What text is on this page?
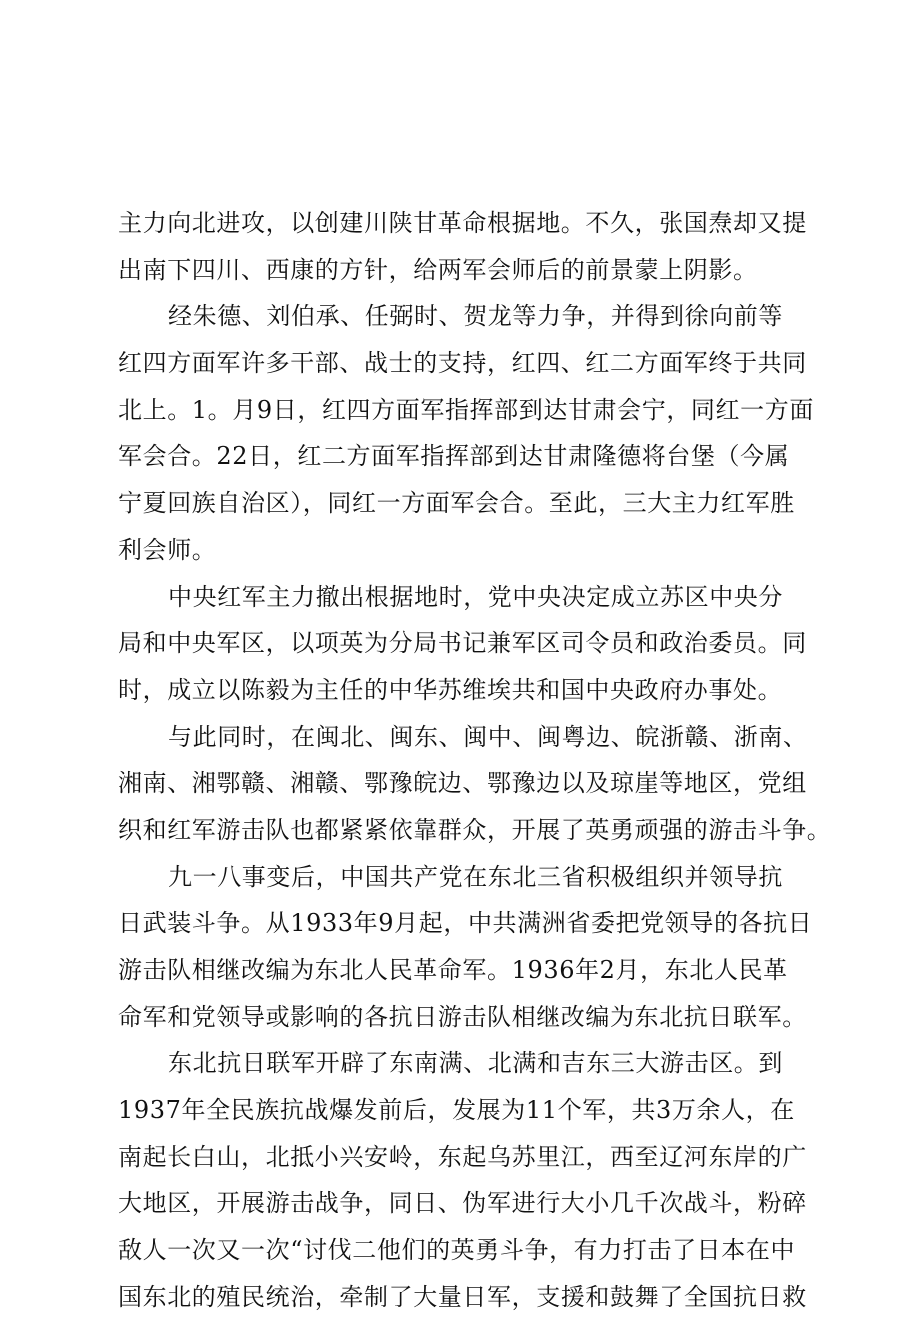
主力向北进攻，以创建川陕甘革命根据地。不久，张国焘却又提
出南下四川、西康的方针，给两军会师后的前景蒙上阴影。
经朱德、刘伯承、任弼时、贺龙等力争，并得到徐向前等
红四方面军许多干部、战士的支持，红四、红二方面军终于共同
北上。1。月9日，红四方面军指挥部到达甘肃会宁，同红一方面
军会合。22日，红二方面军指挥部到达甘肃隆德将台堡（今属
宁夏回族自治区），同红一方面军会合。至此，三大主力红军胜
利会师。
中央红军主力撤出根据地时，党中央决定成立苏区中央分
局和中央军区，以项英为分局书记兼军区司令员和政治委员。同
时，成立以陈毅为主任的中华苏维埃共和国中央政府办事处。
与此同时，在闽北、闽东、闽中、闽粤边、皖浙赣、浙南、
湘南、湘鄂赣、湘赣、鄂豫皖边、鄂豫边以及琼崖等地区，党组
织和红军游击队也都紧紧依靠群众，开展了英勇顽强的游击斗争。
九一八事变后，中国共产党在东北三省积极组织并领导抗
日武装斗争。从1933年9月起，中共满洲省委把党领导的各抗日
游击队相继改编为东北人民革命军。1936年2月，东北人民革
命军和党领导或影响的各抗日游击队相继改编为东北抗日联军。
东北抗日联军开辟了东南满、北满和吉东三大游击区。到
1937年全民族抗战爆发前后，发展为11个军，共3万余人，在
南起长白山，北抵小兴安岭，东起乌苏里江，西至辽河东岸的广
大地区，开展游击战争，同日、伪军进行大小几千次战斗，粉碎
敌人一次又一次“讨伐二他们的英勇斗争，有力打击了日本在中
国东北的殖民统治，牵制了大量日军，支援和鼓舞了全国抗日救
